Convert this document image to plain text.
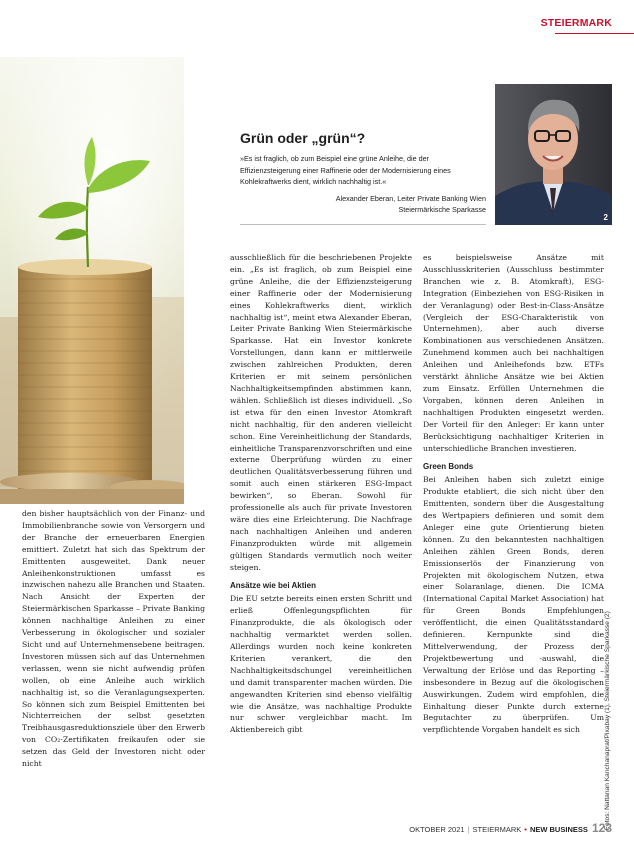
STEIERMARK
2
Grün oder „grün“?
»Es ist fraglich, ob zum Beispiel eine grüne Anleihe, die der Effizienzsteigerung einer Raffinerie oder der Modernisierung eines Kohlekraftwerks dient, wirklich nachhaltig ist.«
Alexander Eberan, Leiter Private Banking Wien
Steiermärkische Sparkasse

den bisher hauptsächlich von der Finanz- und Immobilienbranche sowie von Versorgern und der Branche der erneuerbaren Energien emittiert. Zuletzt hat sich das Spektrum der Emittenten ausgeweitet. Dank neuer Anleihenkonstruktionen umfasst es inzwischen nahezu alle Branchen und Staaten. Nach Ansicht der Experten der Steiermärkischen Sparkasse – Private Banking können nachhaltige Anleihen zu einer Verbesserung in ökologischer und sozialer Sicht und auf Unternehmensebene beitragen. Investoren müssen sich auf das Unternehmen verlassen, wenn sie nicht aufwendig prüfen wollen, ob eine Anleihe auch wirklich nachhaltig ist, so die Veranlagungsexperten. So können sich zum Beispiel Emittenten bei Nichterreichen der selbst gesetzten Treibhausgasreduktionsziele über den Erwerb von CO₂-Zertifikaten freikaufen oder sie setzen das Geld der Investoren nicht oder nicht

ausschließlich für die beschriebenen Projekte ein. „Es ist fraglich, ob zum Beispiel eine grüne Anleihe, die der Effizienzsteigerung einer Raffinerie oder der Modernisierung eines Kohlekraftwerks dient, wirklich nachhaltig ist“, meint etwa Alexander Eberan, Leiter Private Banking Wien Steiermärkische Sparkasse. Hat ein Investor konkrete Vorstellungen, dann kann er mittlerweile zwischen zahlreichen Produkten, deren Kriterien er mit seinem persönlichen Nachhaltigkeitsempfinden abstimmen kann, wählen. Schließlich ist dieses individuell. „So ist etwa für den einen Investor Atomkraft nicht nachhaltig, für den anderen vielleicht schon. Eine Vereinheitlichung der Standards, einheitliche Transparenzvorschriften und eine externe Überprüfung würden zu einer deutlichen Qualitätsverbesserung führen und somit auch einen stärkeren ESG-Impact bewirken“, so Eberan. Sowohl für professionelle als auch für private Investoren wäre dies eine Erleichterung. Die Nachfrage nach nachhaltigen Anleihen und anderen Finanzprodukten würde mit allgemein gültigen Standards vermutlich noch weiter steigen.

Ansätze wie bei Aktien

Die EU setzte bereits einen ersten Schritt und erließ Offenlegungspflichten für Finanzprodukte, die als ökologisch oder nachhaltig vermarktet werden sollen. Allerdings wurden noch keine konkreten Kriterien verankert, die den Nachhaltigkeitsdschungel vereinheitlichen und damit transparenter machen würden. Die angewandten Kriterien sind ebenso vielfältig wie die Ansätze, was nachhaltige Produkte nur schwer vergleichbar macht. Im Aktienbereich gibt

es beispielsweise Ansätze mit Ausschlusskriterien (Ausschluss bestimmter Branchen wie z. B. Atomkraft), ESG-Integration (Einbeziehen von ESG-Risiken in der Veranlagung) oder Best-in-Class-Ansätze (Vergleich der ESG-Charakteristik von Unternehmen), aber auch diverse Kombinationen aus verschiedenen Ansätzen. Zunehmend kommen auch bei nachhaltigen Anleihen und Anleihefonds bzw. ETFs verstärkt ähnliche Ansätze wie bei Aktien zum Einsatz. Erfüllen Unternehmen die Vorgaben, können deren Anleihen in nachhaltigen Produkten eingesetzt werden. Der Vorteil für den Anleger: Er kann unter Berücksichtigung nachhaltiger Kriterien in unterschiedliche Branchen investieren.

Green Bonds

Bei Anleihen haben sich zuletzt einige Produkte etabliert, die sich nicht über den Emittenten, sondern über die Ausgestaltung des Wertpapiers definieren und somit dem Anleger eine gute Orientierung bieten können. Zu den bekanntesten nachhaltigen Anleihen zählen Green Bonds, deren Emissionserlös der Finanzierung von Projekten mit ökologischem Nutzen, etwa einer Solaranlage, dienen. Die ICMA (International Capital Market Association) hat für Green Bonds Empfehlungen veröffentlicht, die einen Qualitätsstandard definieren. Kernpunkte sind die Mittelverwendung, der Prozess der Projektbewertung und -auswahl, die Verwaltung der Erlöse und das Reporting – insbesondere in Bezug auf die ökologischen Auswirkungen. Zudem wird empfohlen, die Einhaltung dieser Punkte durch externe Begutachter zu überprüfen. Um verpflichtende Vorgaben handelt es sich	Fotos: Nattanan Kanchanaprat/Pixabay (1), Steiermärkische Sparkasse (2)
OKTOBER 2021 | STEIERMARK • NEW BUSINESS 123
